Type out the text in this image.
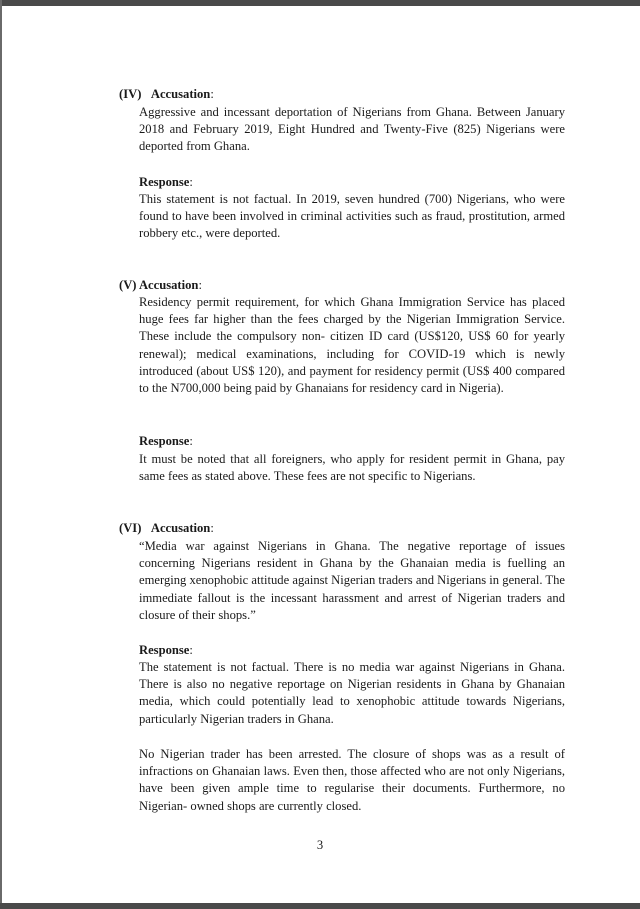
(IV) Accusation:

Aggressive and incessant deportation of Nigerians from Ghana. Between January 2018 and February 2019, Eight Hundred and Twenty-Five (825) Nigerians were deported from Ghana.

Response:

This statement is not factual. In 2019, seven hundred (700) Nigerians, who were found to have been involved in criminal activities such as fraud, prostitution, armed robbery etc., were deported.

(V) Accusation:

Residency permit requirement, for which Ghana Immigration Service has placed huge fees far higher than the fees charged by the Nigerian Immigration Service. These include the compulsory non- citizen ID card (US$120, US$ 60 for yearly renewal); medical examinations, including for COVID-19 which is newly introduced (about US$ 120), and payment for residency permit (US$ 400 compared to the N700,000 being paid by Ghanaians for residency card in Nigeria).

Response:

It must be noted that all foreigners, who apply for resident permit in Ghana, pay same fees as stated above. These fees are not specific to Nigerians.

(VI) Accusation:

“Media war against Nigerians in Ghana. The negative reportage of issues concerning Nigerians resident in Ghana by the Ghanaian media is fuelling an emerging xenophobic attitude against Nigerian traders and Nigerians in general. The immediate fallout is the incessant harassment and arrest of Nigerian traders and closure of their shops.”

Response:

The statement is not factual. There is no media war against Nigerians in Ghana. There is also no negative reportage on Nigerian residents in Ghana by Ghanaian media, which could potentially lead to xenophobic attitude towards Nigerians, particularly Nigerian traders in Ghana.

No Nigerian trader has been arrested. The closure of shops was as a result of infractions on Ghanaian laws. Even then, those affected who are not only Nigerians, have been given ample time to regularise their documents. Furthermore, no Nigerian- owned shops are currently closed.

3
